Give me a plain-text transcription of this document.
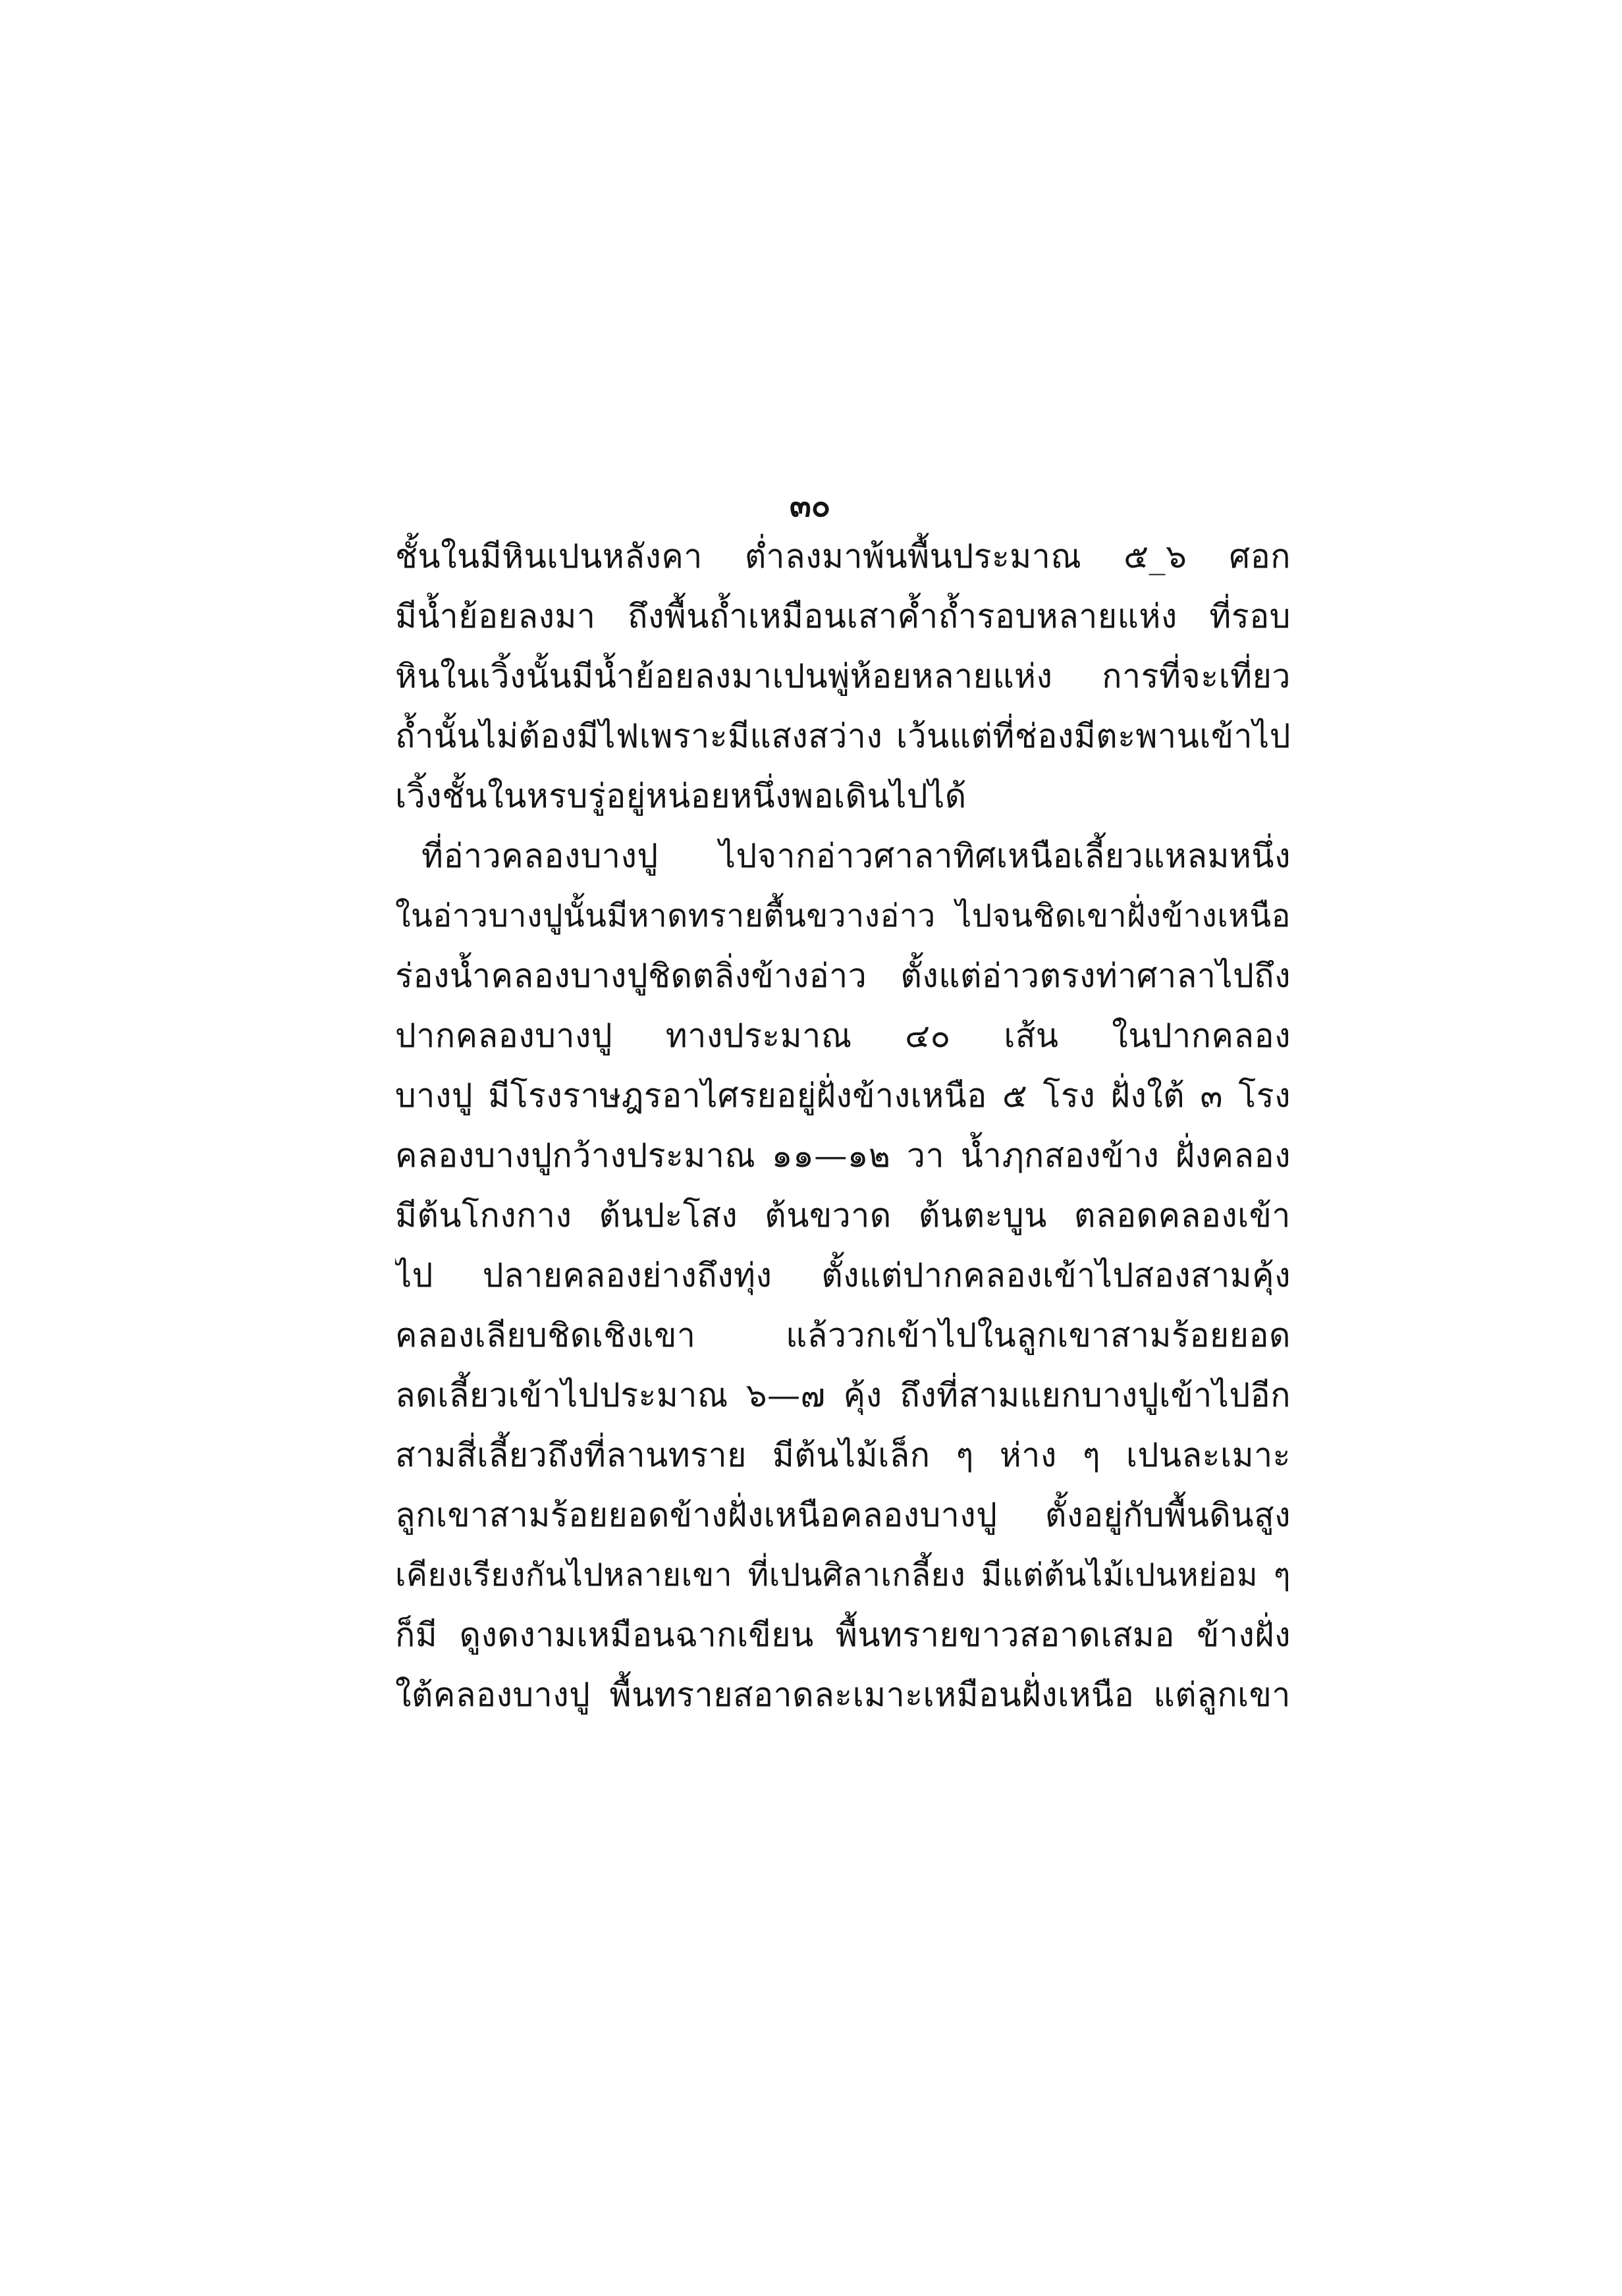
๓๐
ชั้นในมีหินเปนหลังคา ต่ำลงมาพ้นพื้นประมาณ ๕_๖ ศอก
มีน้ำย้อยลงมา ถึงพื้นถ้ำเหมือนเสาค้ำถ้ำรอบหลายแห่ง ที่รอบ
หินในเวิ้งนั้นมีน้ำย้อยลงมาเปนพู่ห้อยหลายแห่ง การที่จะเที่ยว
ถ้ำนั้นไม่ต้องมีไฟเพราะมีแสงสว่าง เว้นแต่ที่ช่องมีตะพานเข้าไป
เวิ้งชั้นในหรบรู่อยู่หน่อยหนึ่งพอเดินไปได้
ที่อ่าวคลองบางปู ไปจากอ่าวศาลาทิศเหนือเลี้ยวแหลมหนึ่ง
ในอ่าวบางปูนั้นมีหาดทรายตื้นขวางอ่าว ไปจนชิดเขาฝั่งข้างเหนือ
ร่องน้ำคลองบางปูชิดตลิ่งข้างอ่าว ตั้งแต่อ่าวตรงท่าศาลาไปถึง
ปากคลองบางปู ทางประมาณ ๔๐ เส้น ในปากคลอง
บางปู มีโรงราษฎรอาไศรยอยู่ฝั่งข้างเหนือ ๕ โรง ฝั่งใต้ ๓ โรง
คลองบางปูกว้างประมาณ ๑๑—๑๒ วา น้ำฦกสองข้าง ฝั่งคลอง
มีต้นโกงกาง ต้นปะโสง ต้นขวาด ต้นตะบูน ตลอดคลองเข้า
ไป ปลายคลองย่างถึงทุ่ง ตั้งแต่ปากคลองเข้าไปสองสามคุ้ง
คลองเลียบชิดเชิงเขา แล้ววกเข้าไปในลูกเขาสามร้อยยอด
ลดเลี้ยวเข้าไปประมาณ ๖—๗ คุ้ง ถึงที่สามแยกบางปูเข้าไปอีก
สามสี่เลี้ยวถึงที่ลานทราย มีต้นไม้เล็ก ๆ ห่าง ๆ เปนละเมาะ
ลูกเขาสามร้อยยอดข้างฝั่งเหนือคลองบางปู ตั้งอยู่กับพื้นดินสูง
เคียงเรียงกันไปหลายเขา ที่เปนศิลาเกลี้ยง มีแต่ต้นไม้เปนหย่อม ๆ
ก็มี ดูงดงามเหมือนฉากเขียน พื้นทรายขาวสอาดเสมอ ข้างฝั่ง
ใต้คลองบางปู พื้นทรายสอาดละเมาะเหมือนฝั่งเหนือ แต่ลูกเขา
